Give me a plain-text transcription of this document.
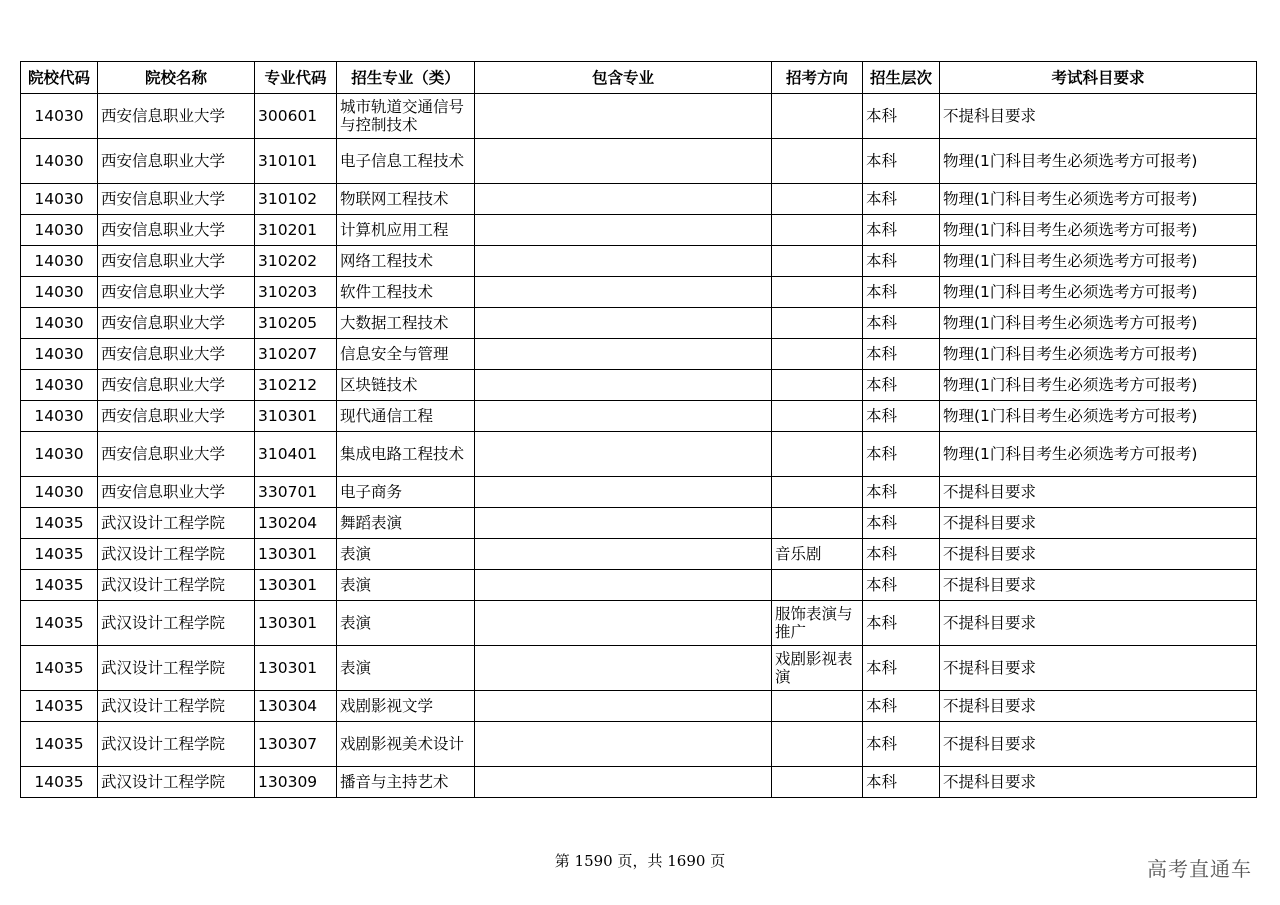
院校代码	院校名称	专业代码	招生专业（类）	包含专业	招考方向	招生层次	考试科目要求
14030	西安信息职业大学	300601	城市轨道交通信号与控制技术			本科	不提科目要求
14030	西安信息职业大学	310101	电子信息工程技术			本科	物理(1门科目考生必须选考方可报考)
14030	西安信息职业大学	310102	物联网工程技术			本科	物理(1门科目考生必须选考方可报考)
14030	西安信息职业大学	310201	计算机应用工程			本科	物理(1门科目考生必须选考方可报考)
14030	西安信息职业大学	310202	网络工程技术			本科	物理(1门科目考生必须选考方可报考)
14030	西安信息职业大学	310203	软件工程技术			本科	物理(1门科目考生必须选考方可报考)
14030	西安信息职业大学	310205	大数据工程技术			本科	物理(1门科目考生必须选考方可报考)
14030	西安信息职业大学	310207	信息安全与管理			本科	物理(1门科目考生必须选考方可报考)
14030	西安信息职业大学	310212	区块链技术			本科	物理(1门科目考生必须选考方可报考)
14030	西安信息职业大学	310301	现代通信工程			本科	物理(1门科目考生必须选考方可报考)
14030	西安信息职业大学	310401	集成电路工程技术			本科	物理(1门科目考生必须选考方可报考)
14030	西安信息职业大学	330701	电子商务			本科	不提科目要求
14035	武汉设计工程学院	130204	舞蹈表演			本科	不提科目要求
14035	武汉设计工程学院	130301	表演		音乐剧	本科	不提科目要求
14035	武汉设计工程学院	130301	表演			本科	不提科目要求
14035	武汉设计工程学院	130301	表演		服饰表演与推广	本科	不提科目要求
14035	武汉设计工程学院	130301	表演		戏剧影视表演	本科	不提科目要求
14035	武汉设计工程学院	130304	戏剧影视文学			本科	不提科目要求
14035	武汉设计工程学院	130307	戏剧影视美术设计			本科	不提科目要求
14035	武汉设计工程学院	130309	播音与主持艺术			本科	不提科目要求
第 1590 页，共 1690 页	高考直通车
